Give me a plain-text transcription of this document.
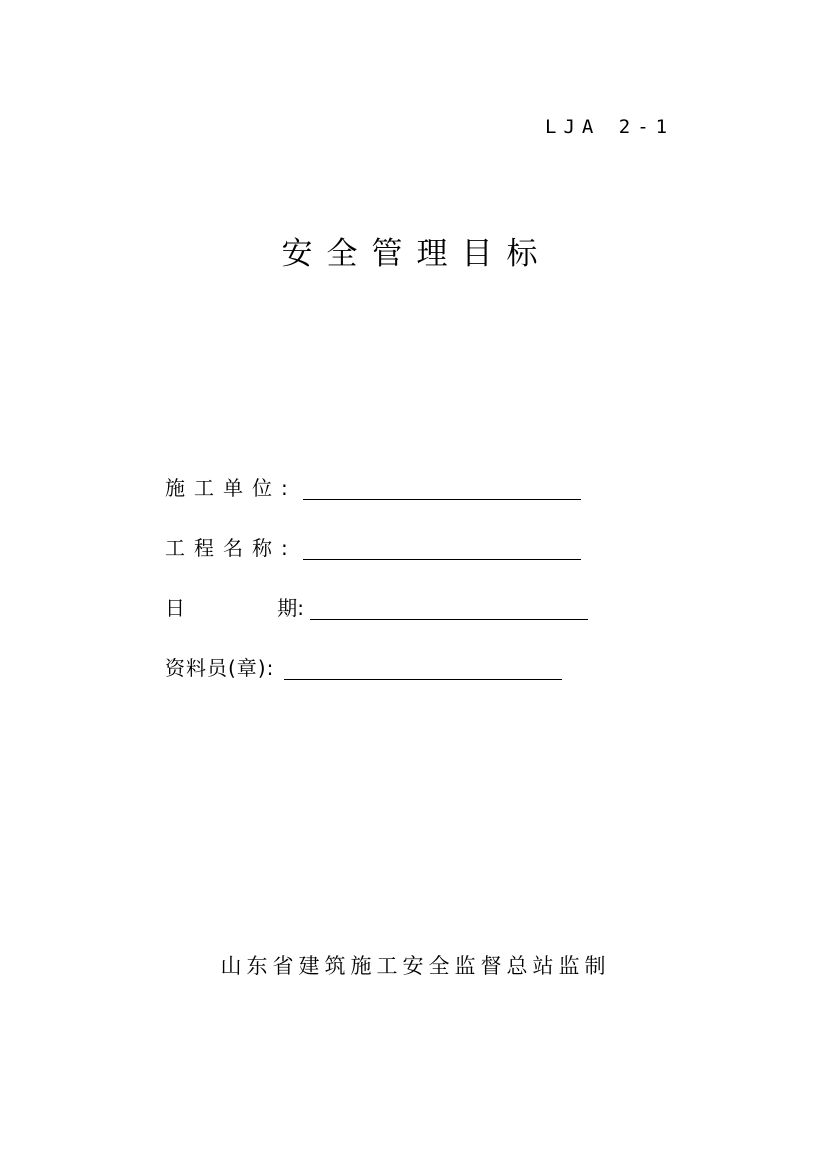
LJA 2-1
安全管理目标
施工单位:
工程名称:
日	期:
资料员(章):
山东省建筑施工安全监督总站监制
